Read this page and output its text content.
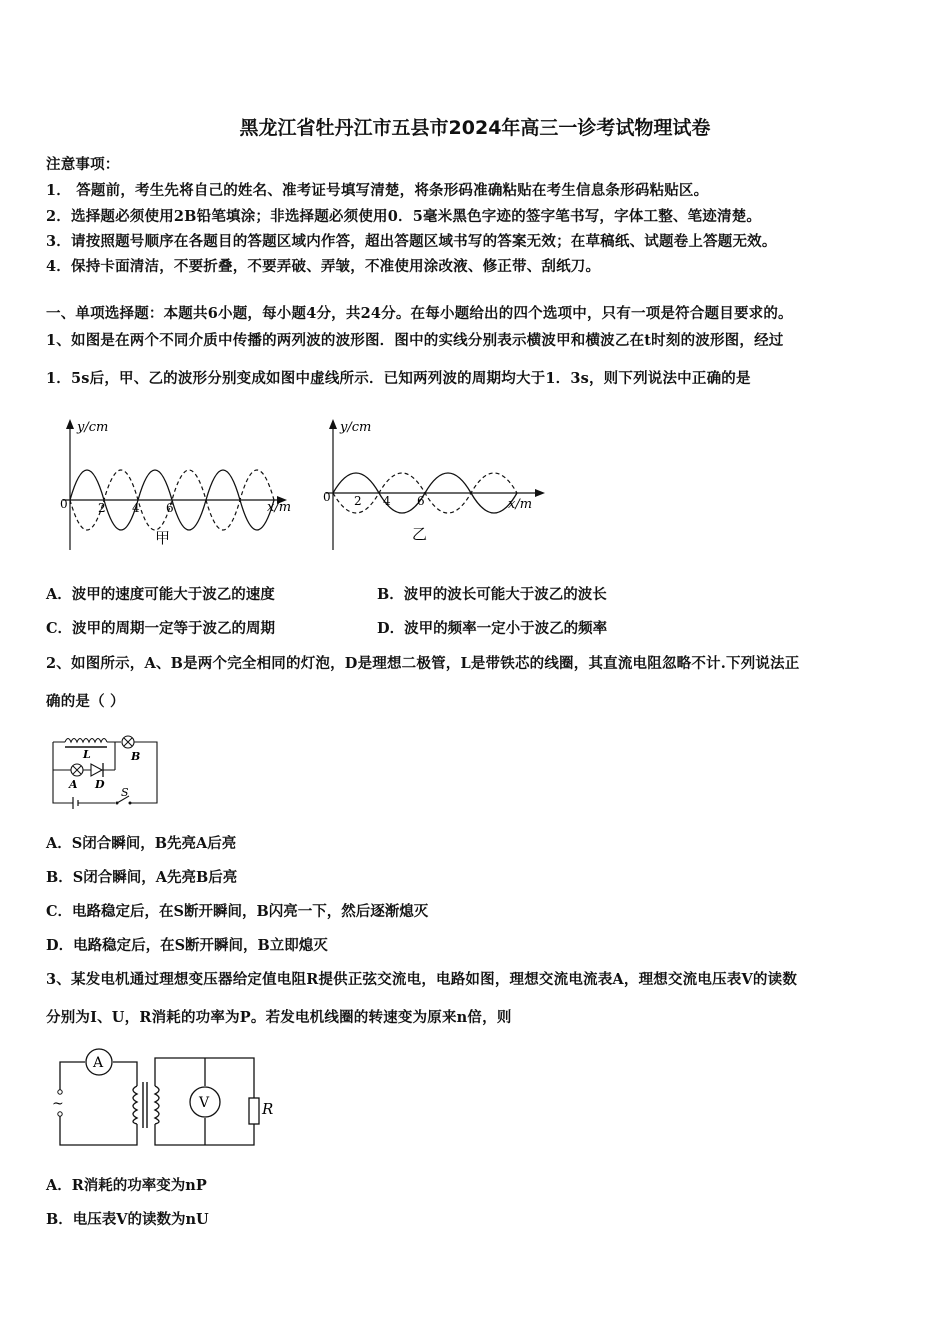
黑龙江省牡丹江市五县市2024年高三一诊考试物理试卷
注意事项：
1． 答题前，考生先将自己的姓名、准考证号填写清楚，将条形码准确粘贴在考生信息条形码粘贴区。
2．选择题必须使用2B铅笔填涂；非选择题必须使用0．5毫米黑色字迹的签字笔书写，字体工整、笔迹清楚。
3．请按照题号顺序在各题目的答题区域内作答，超出答题区域书写的答案无效；在草稿纸、试题卷上答题无效。
4．保持卡面清洁，不要折叠，不要弄破、弄皱，不准使用涂改液、修正带、刮纸刀。
一、单项选择题：本题共6小题，每小题4分，共24分。在每小题给出的四个选项中，只有一项是符合题目要求的。
1、如图是在两个不同介质中传播的两列波的波形图．图中的实线分别表示横波甲和横波乙在t时刻的波形图，经过
1．5s后，甲、乙的波形分别变成如图中虚线所示．已知两列波的周期均大于1．3s，则下列说法中正确的是
y/cm
x/m
0	2 4 6
甲
y/cm
x/m
0 2 4 6
乙
A．波甲的速度可能大于波乙的速度	B．波甲的波长可能大于波乙的波长
C．波甲的周期一定等于波乙的周期	D．波甲的频率一定小于波乙的频率
2、如图所示，A、B是两个完全相同的灯泡，D是理想二极管，L是带铁芯的线圈，其直流电阻忽略不计.下列说法正
确的是（ ）
L	B
A D
S
A．S闭合瞬间，B先亮A后亮
B．S闭合瞬间，A先亮B后亮
C．电路稳定后，在S断开瞬间，B闪亮一下，然后逐渐熄灭
D．电路稳定后，在S断开瞬间，B立即熄灭
3、某发电机通过理想变压器给定值电阻R提供正弦交流电，电路如图，理想交流电流表A，理想交流电压表V的读数
分别为I、U，R消耗的功率为P。若发电机线圈的转速变为原来n倍，则
~
A
V	R
A．R消耗的功率变为nP
B．电压表V的读数为nU
